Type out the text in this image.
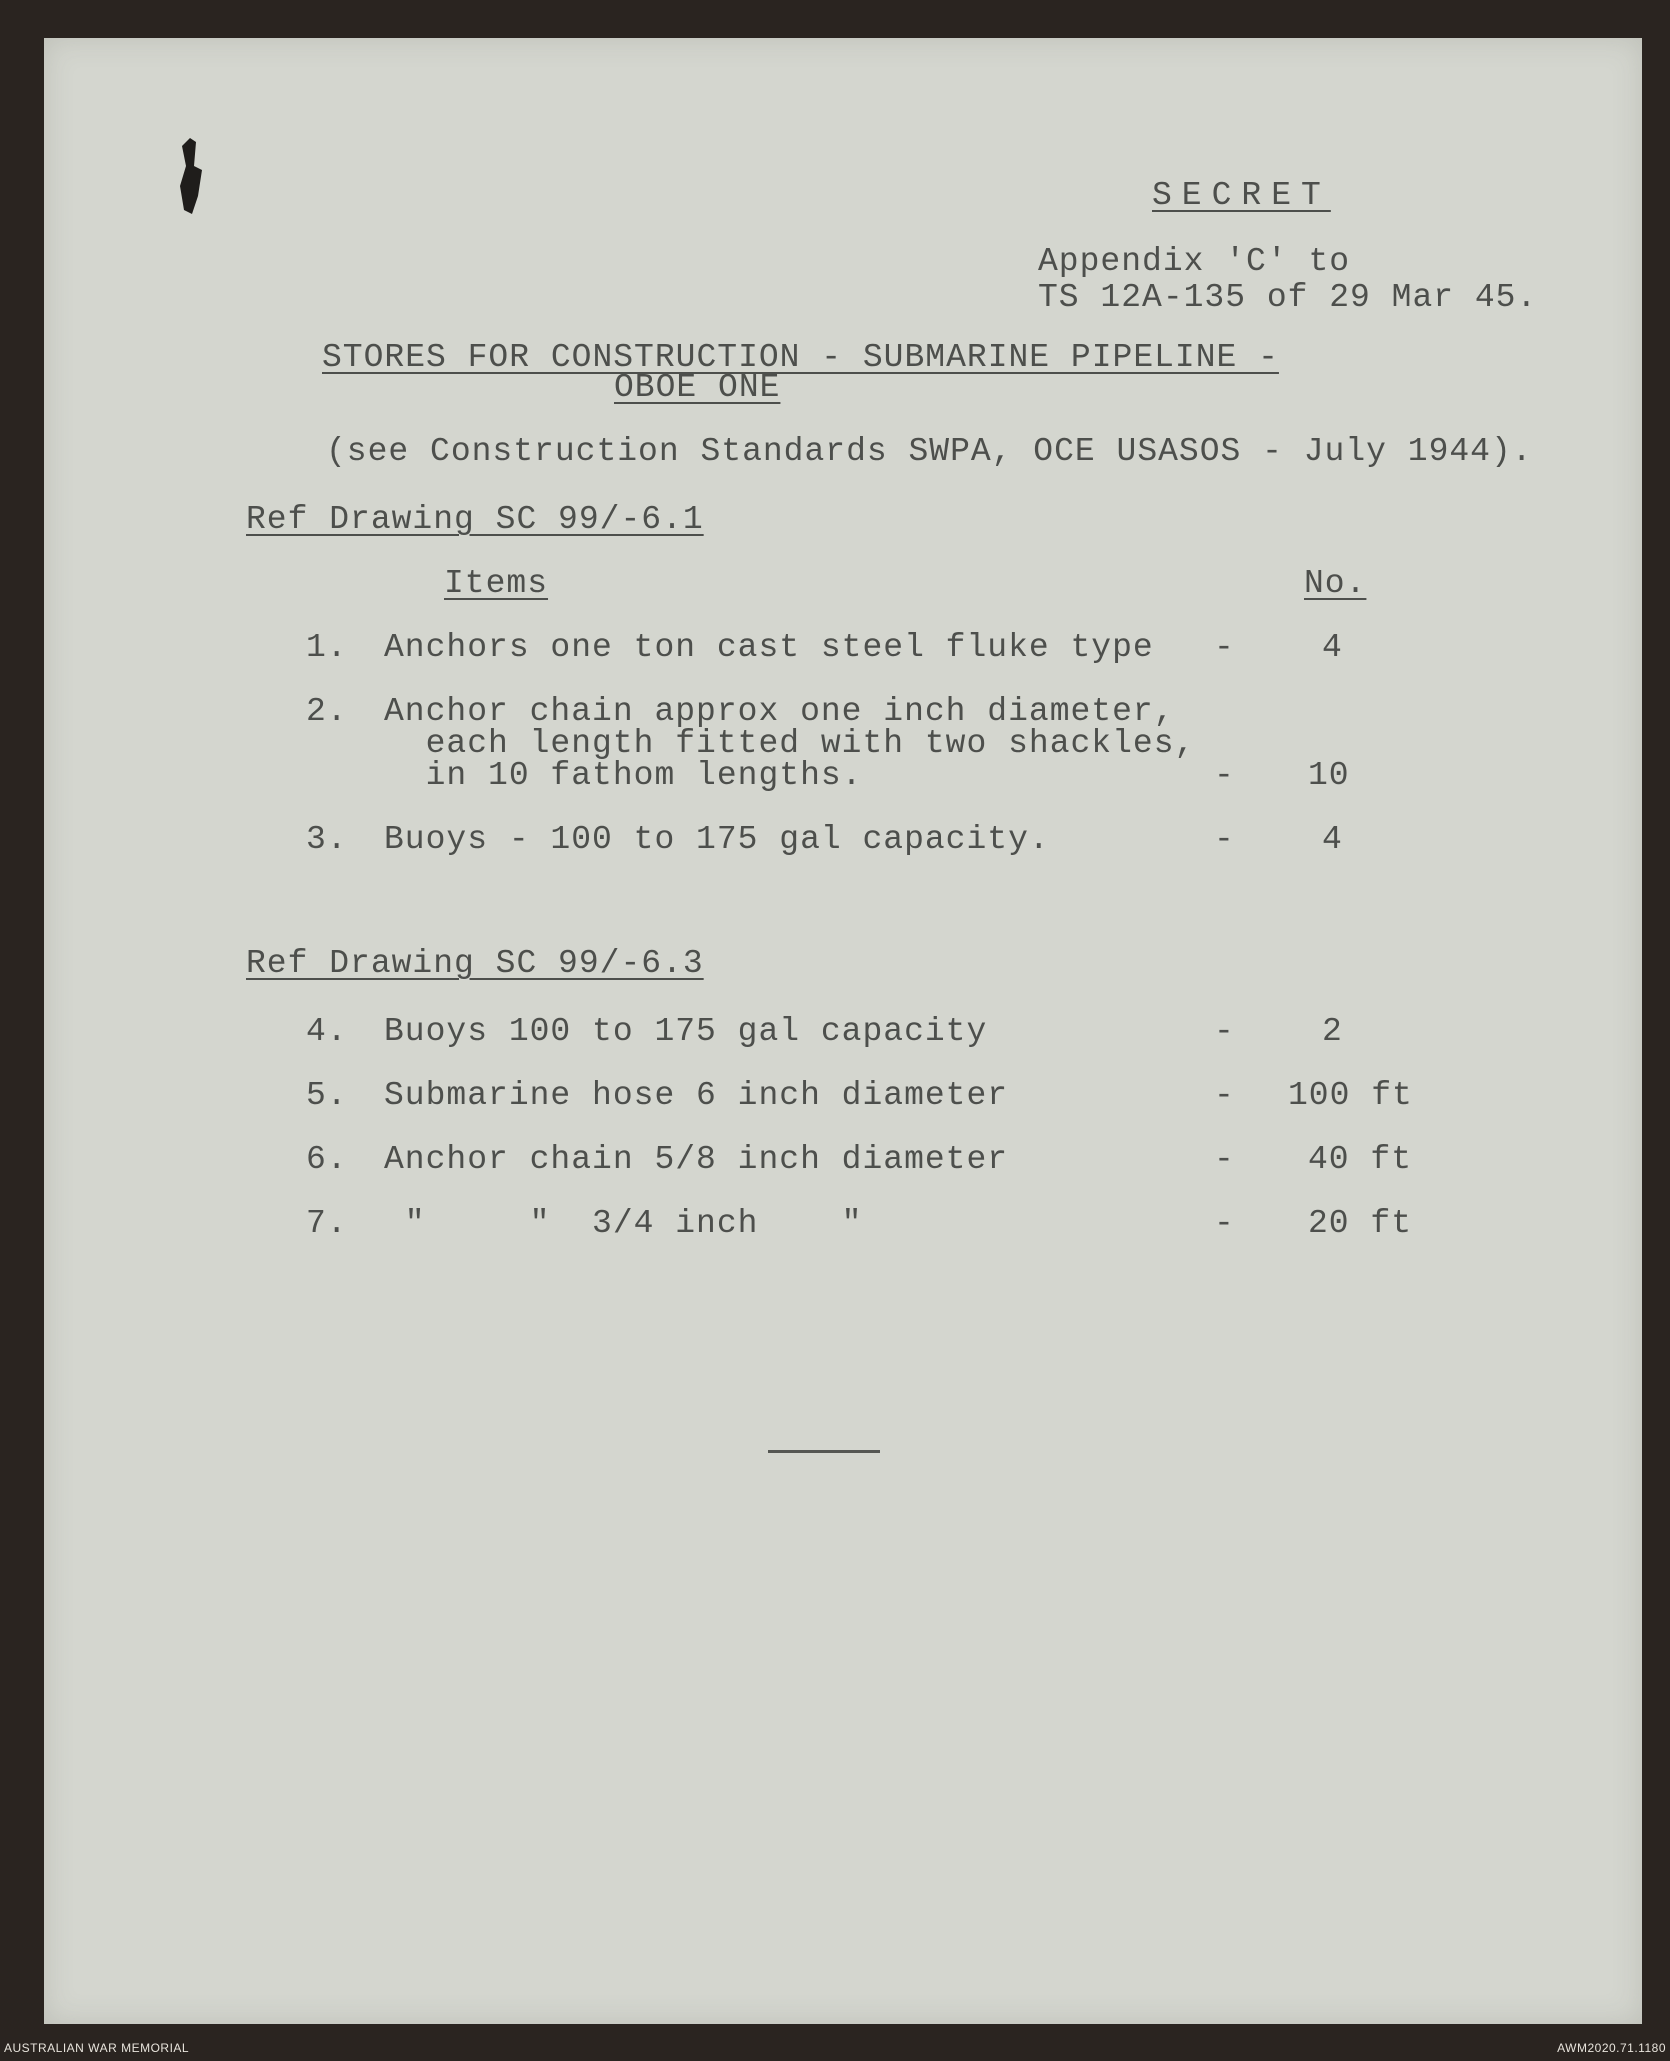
SECRET
Appendix 'C' to
TS 12A-135 of 29 Mar 45.
STORES FOR CONSTRUCTION - SUBMARINE PIPELINE -
OBOE ONE
(see Construction Standards SWPA, OCE USASOS - July 1944).
Ref Drawing SC 99/-6.1
Items	No.
1. Anchors one ton cast steel fluke type -	4
2. Anchor chain approx one inch diameter,
each length fitted with two shackles,
in 10 fathom lengths.	- 10
3. Buoys - 100 to 175 gal capacity.	-	4
Ref Drawing SC 99/-6.3
4. Buoys 100 to 175 gal capacity	-	2
5. Submarine hose 6 inch diameter	- 100 ft
6. Anchor chain 5/8 inch diameter	- 40 ft
7. "     "  3/4 inch    "	- 20 ft
AUSTRALIAN WAR MEMORIAL	AWM2020.71.1180
